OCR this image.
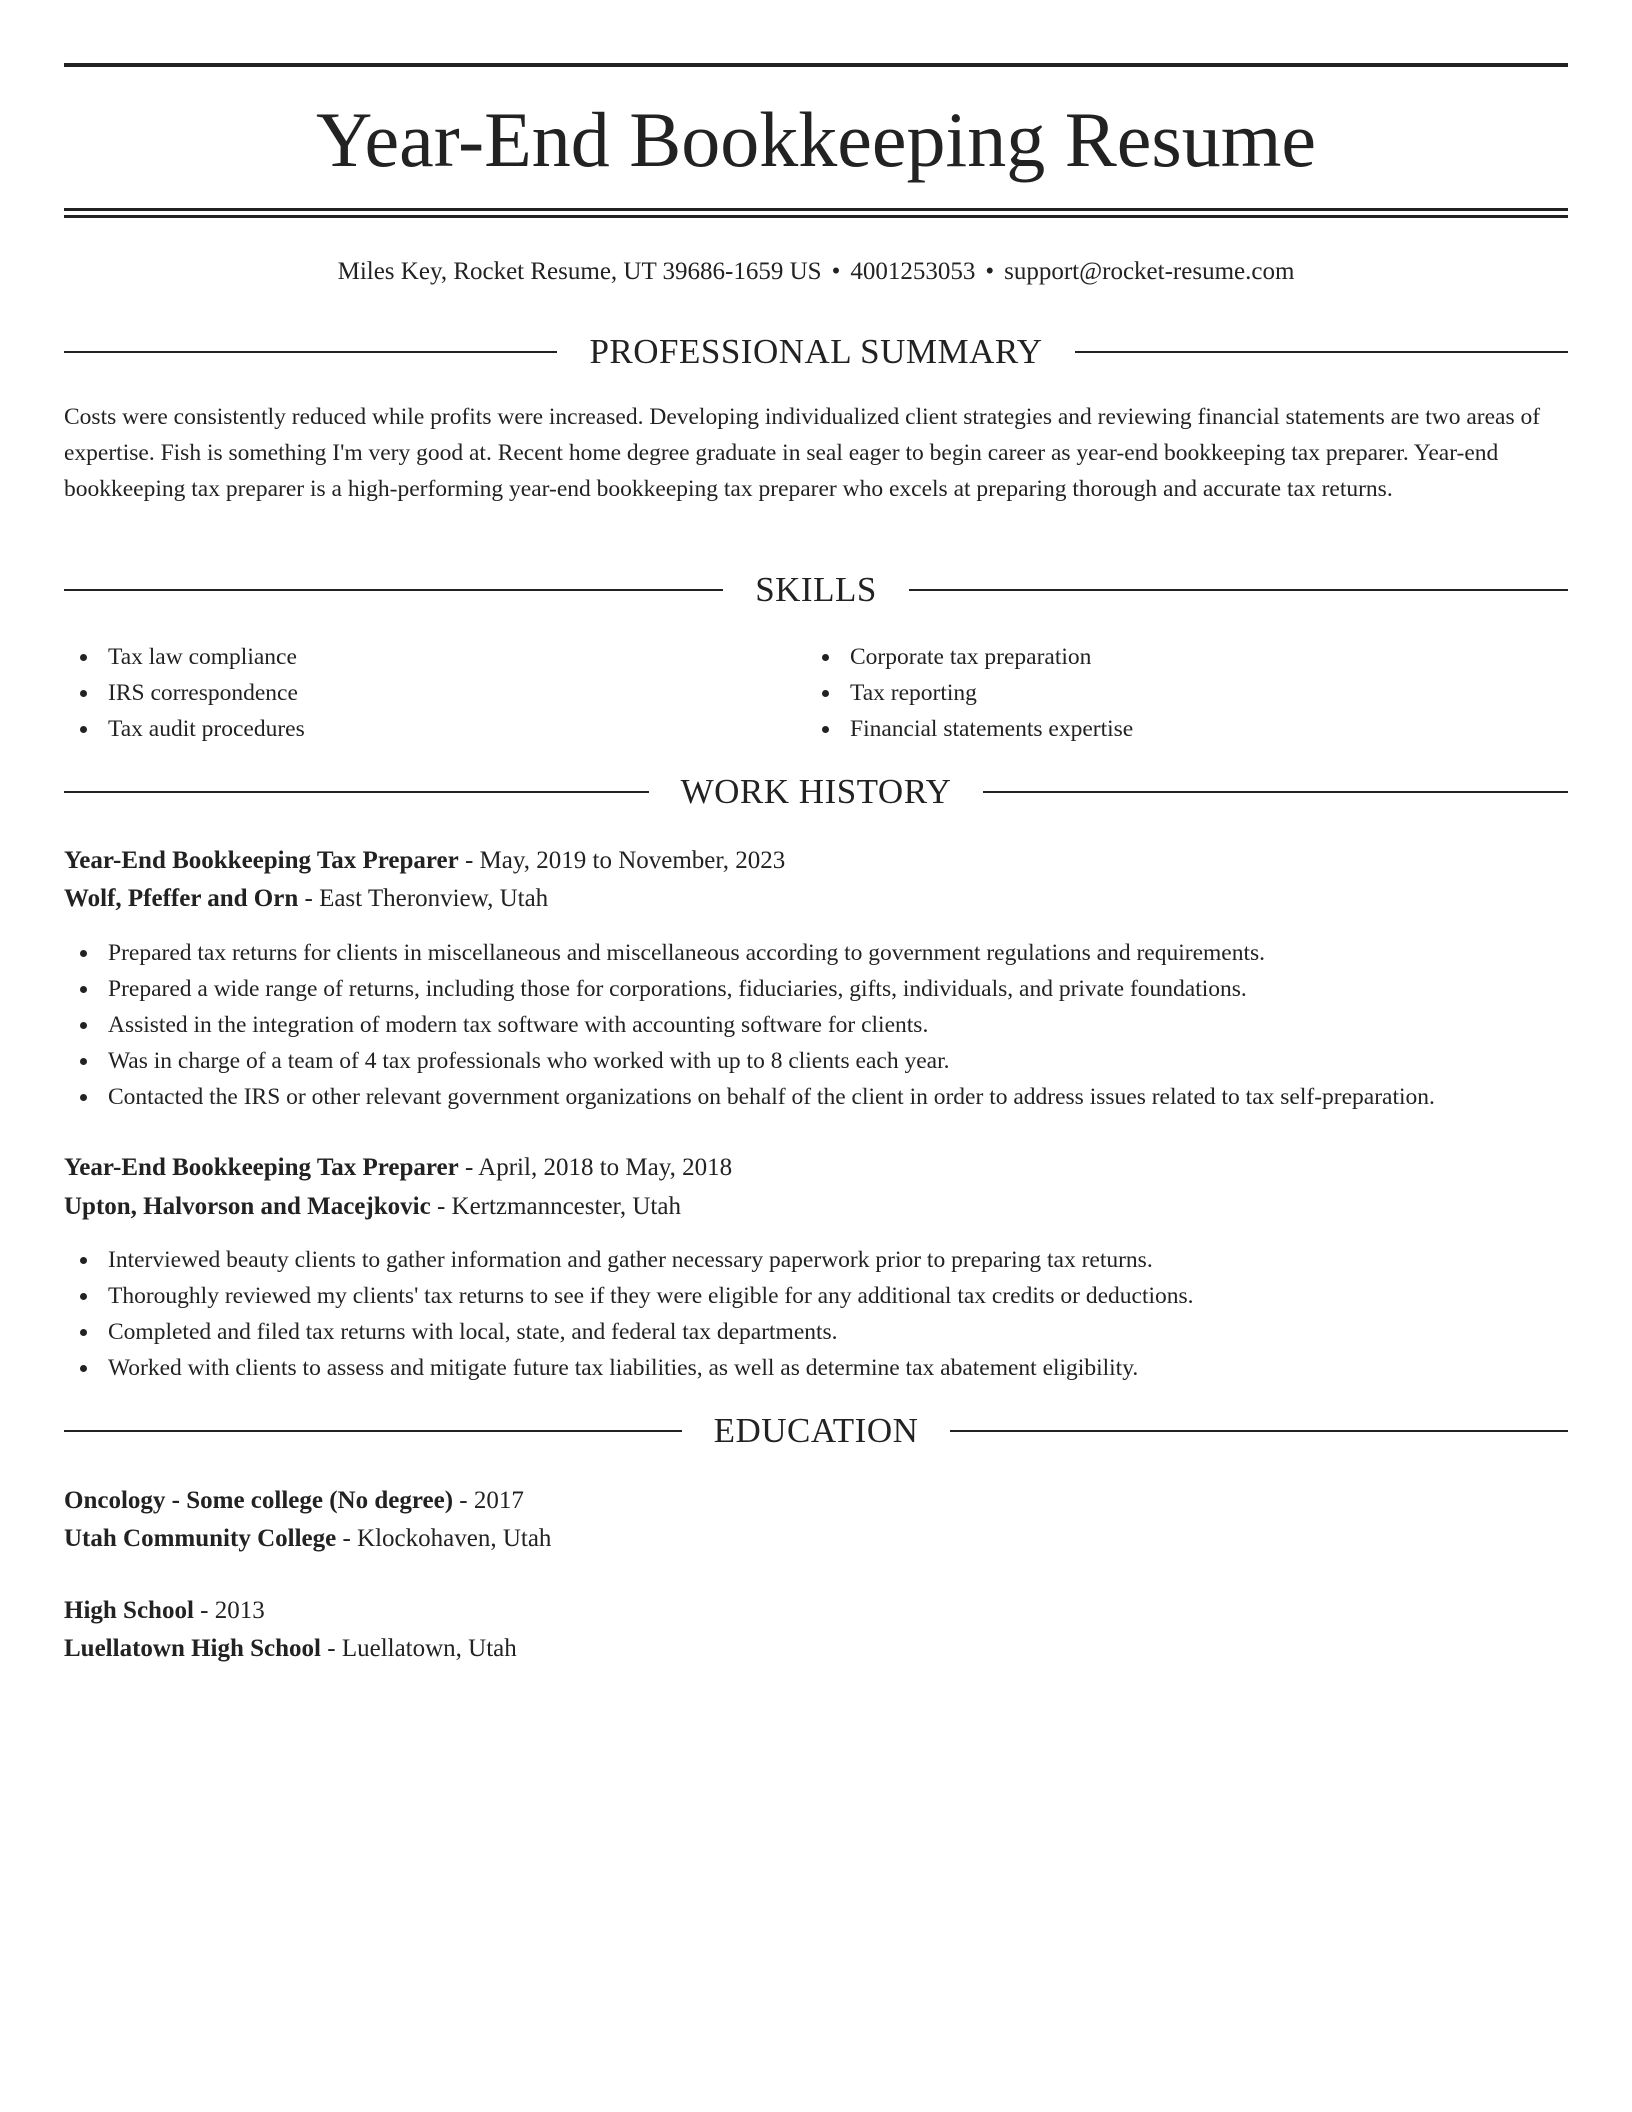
Year-End Bookkeeping Resume
Miles Key, Rocket Resume, UT 39686-1659 US • 4001253053 • support@rocket-resume.com
PROFESSIONAL SUMMARY

Costs were consistently reduced while profits were increased. Developing individualized client strategies and reviewing financial statements are two areas of expertise. Fish is something I'm very good at. Recent home degree graduate in seal eager to begin career as year-end bookkeeping tax preparer. Year-end bookkeeping tax preparer is a high-performing year-end bookkeeping tax preparer who excels at preparing thorough and accurate tax returns.

SKILLS
Tax law compliance
IRS correspondence
Tax audit procedures
Corporate tax preparation
Tax reporting
Financial statements expertise
WORK HISTORY
Year-End Bookkeeping Tax Preparer - May, 2019 to November, 2023
Wolf, Pfeffer and Orn - East Theronview, Utah
Prepared tax returns for clients in miscellaneous and miscellaneous according to government regulations and requirements.
Prepared a wide range of returns, including those for corporations, fiduciaries, gifts, individuals, and private foundations.
Assisted in the integration of modern tax software with accounting software for clients.
Was in charge of a team of 4 tax professionals who worked with up to 8 clients each year.
Contacted the IRS or other relevant government organizations on behalf of the client in order to address issues related to tax self-preparation.
Year-End Bookkeeping Tax Preparer - April, 2018 to May, 2018
Upton, Halvorson and Macejkovic - Kertzmanncester, Utah
Interviewed beauty clients to gather information and gather necessary paperwork prior to preparing tax returns.
Thoroughly reviewed my clients' tax returns to see if they were eligible for any additional tax credits or deductions.
Completed and filed tax returns with local, state, and federal tax departments.
Worked with clients to assess and mitigate future tax liabilities, as well as determine tax abatement eligibility.
EDUCATION
Oncology - Some college (No degree) - 2017
Utah Community College - Klockohaven, Utah
High School - 2013
Luellatown High School - Luellatown, Utah
